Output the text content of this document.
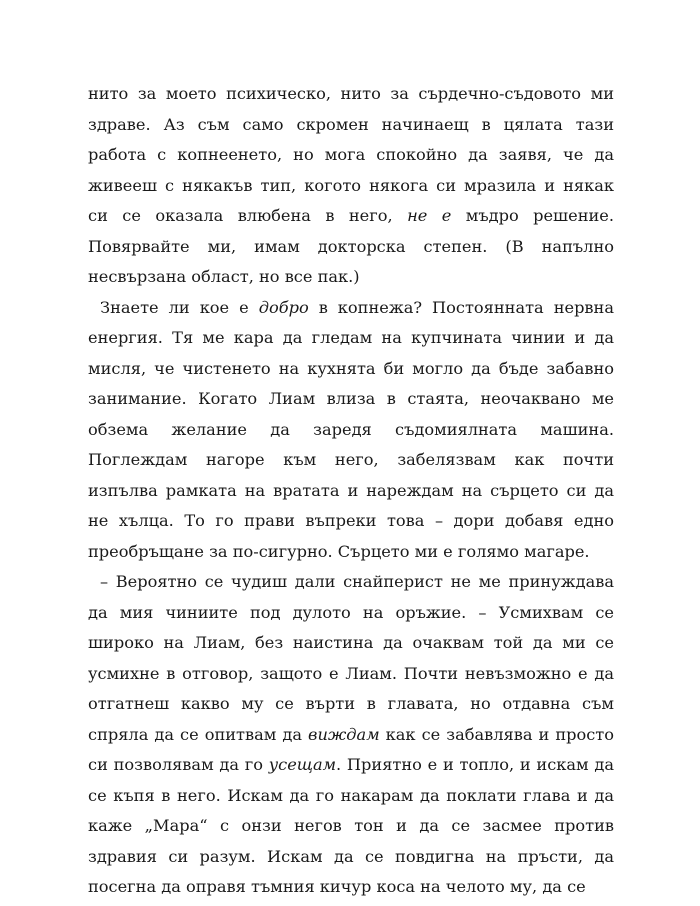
нито за моето психическо, нито за сърдечно-съдовото ми
здраве. Аз съм само скромен начинаещ в цялата тази
работа с копнеенето, но мога спокойно да заявя, че да
живееш с някакъв тип, когото някога си мразила и някак
си се оказала влюбена в него, не е мъдро решение.
Повярвайте ми, имам докторска степен. (В напълно
несвързана област, но все пак.)
Знаете ли кое е добро в копнежа? Постоянната нервна
енергия. Тя ме кара да гледам на купчината чинии и да
мисля, че чистенето на кухнята би могло да бъде забавно
занимание. Когато Лиам влиза в стаята, неочаквано ме
обзема желание да заредя съдомиялната машина.
Поглеждам нагоре към него, забелязвам как почти
изпълва рамката на вратата и нареждам на сърцето си да
не хълца. То го прави въпреки това – дори добавя едно
преобръщане за по-сигурно. Сърцето ми е голямо магаре.
– Вероятно се чудиш дали снайперист не ме принуждава
да мия чиниите под дулото на оръжие. – Усмихвам се
широко на Лиам, без наистина да очаквам той да ми се
усмихне в отговор, защото е Лиам. Почти невъзможно е да
отгатнеш какво му се върти в главата, но отдавна съм
спряла да се опитвам да виждам как се забавлява и просто
си позволявам да го усещам. Приятно е и топло, и искам да
се къпя в него. Искам да го накарам да поклати глава и да
каже „Мара“ с онзи негов тон и да се засмее против
здравия си разум. Искам да се повдигна на пръсти, да
посегна да оправя тъмния кичур коса на челото му, да се
